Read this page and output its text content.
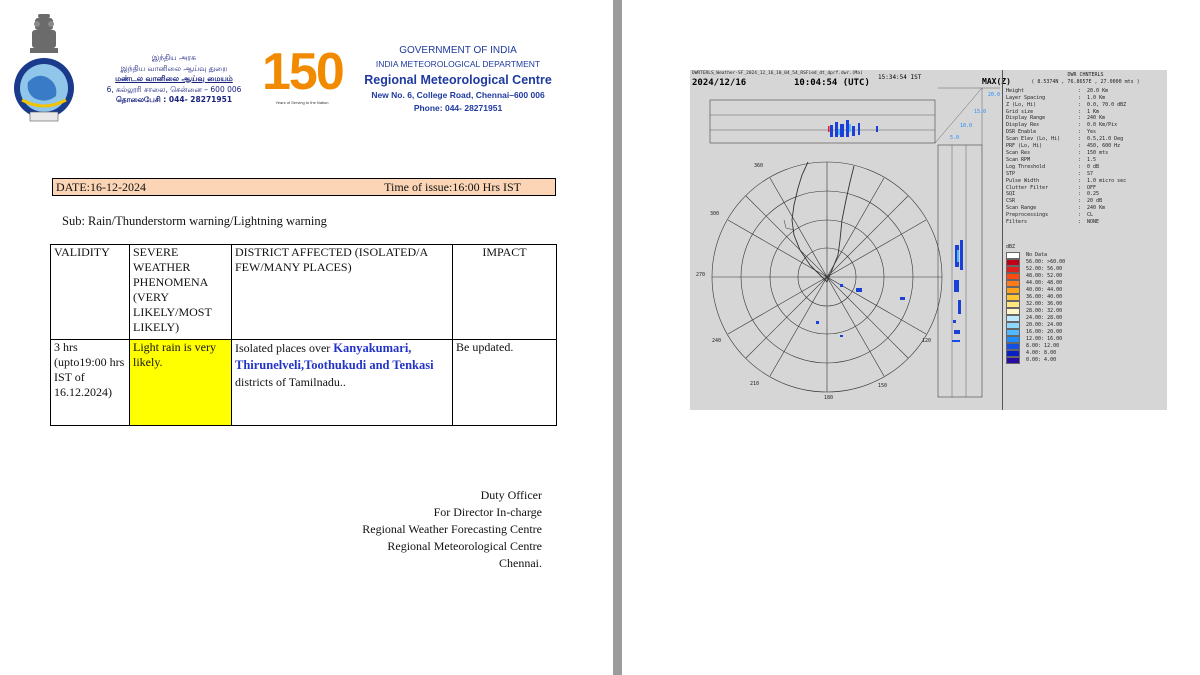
இந்திய அரசு
இந்திய வானிலை ஆய்வு துறை
மண்டல வானிலை ஆய்வு மையம்
6, கல்லூரி சாலை, சென்னை – 600 006
தொலைபேசி : 044- 28271951 150
Years of Serving to the Nation
GOVERNMENT OF INDIA
INDIA METEOROLOGICAL DEPARTMENT
Regional Meteorological Centre
New No. 6, College Road, Chennai–600 006
Phone: 044- 28271951
DATE:16-12-2024	Time of issue:16:00 Hrs IST
Sub: Rain/Thunderstorm warning/Lightning warning
VALIDITY	SEVERE WEATHER PHENOMENA (VERY LIKELY/MOST LIKELY)	DISTRICT AFFECTED (ISOLATED/A FEW/MANY PLACES)	IMPACT
3 hrs (upto19:00 hrs IST of 16.12.2024)	Light rain is very likely.	Isolated places over Kanyakumari, Thirunelveli,Toothukudi and Tenkasi districts of Tamilnadu..	Be updated.
Duty Officer
For Director In-charge
Regional Weather Forecasting Centre
Regional Meteorological Centre
Chennai.
DWRTERLS_Weather-SF_2024_12_16_10_04_54_RSFied_dt_dprf.dwr.(Ma)
2024/12/16	10:04:54 (UTC)
15:34:54 IST	MAX(Z)
20.0
15.0
10.0
5.0
360
300
270
240
210
180
150
120
DWR CHNTERLS
( 8.5374N , 76.8657E , 27.0000 mts )
Height	:  20.0 Km
Layer Spacing	:  1.0 Km
Z (Lo, Hi)	:  0.0, 70.0 dBZ
Grid size	:  1 Km
Display Range	:  240 Km
Display Res	:  0.0 Km/Pix
DSR Enable	:  Yes
Scan Elev (Lo, Hi)	:  0.5,21.0 Deg
PRF (Lo, Hi)	:  450, 600 Hz
Scan Res	:  150 mts
Scan RPM	:  1.5
Log Threshold	:  0 dB
STP	:  S7
Pulse Width	:  1.0 micro sec
Clutter Filter	:  OFF
SQI	:  0.25
CSR	:  20 dB
Scan Range	:  240 Km
Preprocessings	:  CL
Filters	:  NONE
dBZ
No Data
56.00: >60.00
52.00: 56.00
48.00: 52.00
44.00: 48.00
40.00: 44.00
36.00: 40.00
32.00: 36.00
28.00: 32.00
24.00: 28.00
20.00: 24.00
16.00: 20.00
12.00: 16.00
8.00: 12.00
4.00: 8.00
0.00: 4.00
